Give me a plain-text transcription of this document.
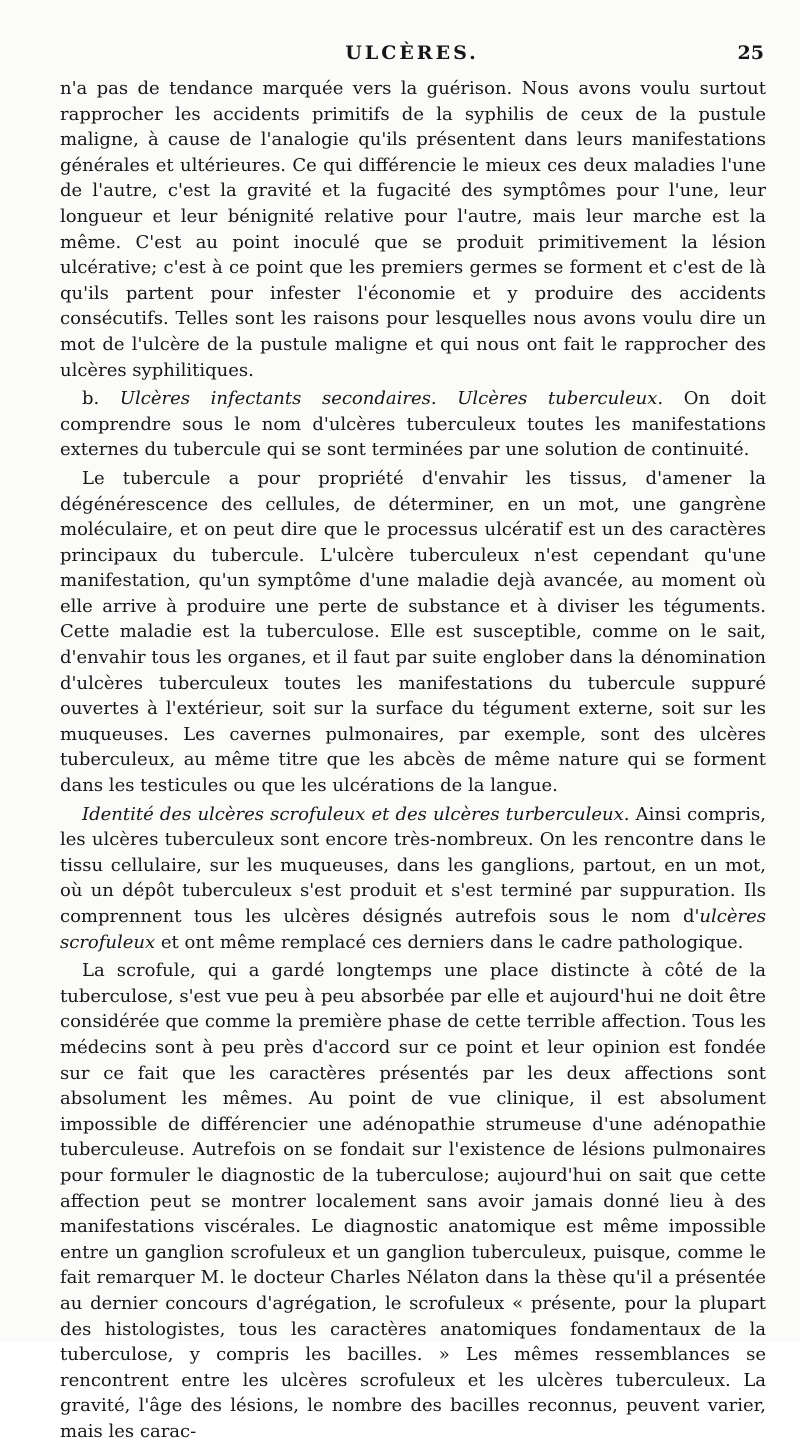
ULCÈRES.	25

n'a pas de tendance marquée vers la guérison. Nous avons voulu surtout rapprocher les accidents primitifs de la syphilis de ceux de la pustule maligne, à cause de l'analogie qu'ils présentent dans leurs manifestations générales et ultérieures. Ce qui différencie le mieux ces deux maladies l'une de l'autre, c'est la gravité et la fugacité des symptômes pour l'une, leur longueur et leur bénignité relative pour l'autre, mais leur marche est la même. C'est au point inoculé que se produit primitivement la lésion ulcérative; c'est à ce point que les premiers germes se forment et c'est de là qu'ils partent pour infester l'économie et y produire des accidents consécutifs. Telles sont les raisons pour lesquelles nous avons voulu dire un mot de l'ulcère de la pustule maligne et qui nous ont fait le rapprocher des ulcères syphilitiques.

b. Ulcères infectants secondaires. Ulcères tuberculeux. On doit comprendre sous le nom d'ulcères tuberculeux toutes les manifestations externes du tubercule qui se sont terminées par une solution de continuité.

Le tubercule a pour propriété d'envahir les tissus, d'amener la dégénérescence des cellules, de déterminer, en un mot, une gangrène moléculaire, et on peut dire que le processus ulcératif est un des caractères principaux du tubercule. L'ulcère tuberculeux n'est cependant qu'une manifestation, qu'un symptôme d'une maladie dejà avancée, au moment où elle arrive à produire une perte de substance et à diviser les téguments. Cette maladie est la tuberculose. Elle est susceptible, comme on le sait, d'envahir tous les organes, et il faut par suite englober dans la dénomination d'ulcères tuberculeux toutes les manifestations du tubercule suppuré ouvertes à l'extérieur, soit sur la surface du tégument externe, soit sur les muqueuses. Les cavernes pulmonaires, par exemple, sont des ulcères tuberculeux, au même titre que les abcès de même nature qui se forment dans les testicules ou que les ulcérations de la langue.

Identité des ulcères scrofuleux et des ulcères turberculeux. Ainsi compris, les ulcères tuberculeux sont encore très-nombreux. On les rencontre dans le tissu cellulaire, sur les muqueuses, dans les ganglions, partout, en un mot, où un dépôt tuberculeux s'est produit et s'est terminé par suppuration. Ils comprennent tous les ulcères désignés autrefois sous le nom d'ulcères scrofuleux et ont même remplacé ces derniers dans le cadre pathologique.

La scrofule, qui a gardé longtemps une place distincte à côté de la tuberculose, s'est vue peu à peu absorbée par elle et aujourd'hui ne doit être considérée que comme la première phase de cette terrible affection. Tous les médecins sont à peu près d'accord sur ce point et leur opinion est fondée sur ce fait que les caractères présentés par les deux affections sont absolument les mêmes. Au point de vue clinique, il est absolument impossible de différencier une adénopathie strumeuse d'une adénopathie tuberculeuse. Autrefois on se fondait sur l'existence de lésions pulmonaires pour formuler le diagnostic de la tuberculose; aujourd'hui on sait que cette affection peut se montrer localement sans avoir jamais donné lieu à des manifestations viscérales. Le diagnostic anatomique est même impossible entre un ganglion scrofuleux et un ganglion tuberculeux, puisque, comme le fait remarquer M. le docteur Charles Nélaton dans la thèse qu'il a présentée au dernier concours d'agrégation, le scrofuleux « présente, pour la plupart des histologistes, tous les caractères anatomiques fondamentaux de la tuberculose, y compris les bacilles. » Les mêmes ressemblances se rencontrent entre les ulcères scrofuleux et les ulcères tuberculeux. La gravité, l'âge des lésions, le nombre des bacilles reconnus, peuvent varier, mais les carac-
